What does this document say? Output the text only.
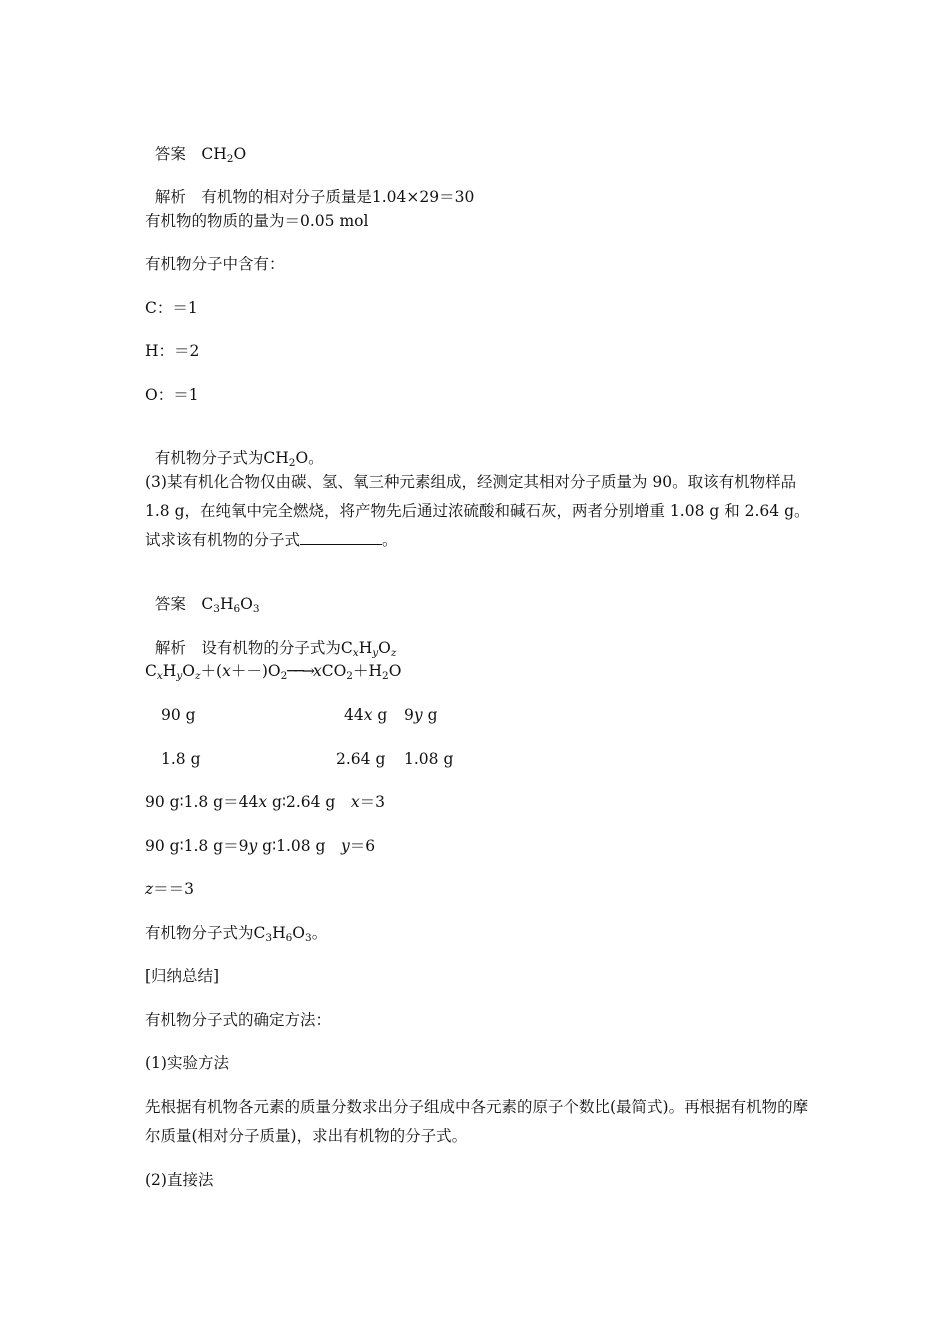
答案　 $CH_2O$

解析　 有机物的相对分子质量是1.04×29＝30

有机物的物质的量为＝0.05 mol
有机物分子中含有：
C：＝1
H：＝2
O：＝1

有机物分子式为$CH_2O$。

(3)某有机化合物仅由碳、氢、氧三种元素组成，经测定其相对分子质量为 90。取该有机物样品 1.8 g，在纯氧中完全燃烧，将产物先后通过浓硫酸和碱石灰，两者分别增重 1.08 g 和 2.64 g。试求该有机物的分子式	。

答案　 $C_3H_6O_3$

解析　 设有机物的分子式为$C_xH_yO_z$

$C_xH_yO_z+(x+-)O_2──\to xCO_2+H_2O$
90 g	44x g 9y g
1.8 g	2.64 g 1.08 g
90 g∶1.8 g＝44x g∶2.64 g　 x＝3
90 g∶1.8 g＝9y g∶1.08 g　 y＝6
z＝＝3
有机物分子式为$C_3H_6O_3$。
[归纳总结]
有机物分子式的确定方法：
(1)实验方法
先根据有机物各元素的质量分数求出分子组成中各元素的原子个数比(最简式)。再根据有机物的摩尔质量(相对分子质量)，求出有机物的分子式。
(2)直接法
